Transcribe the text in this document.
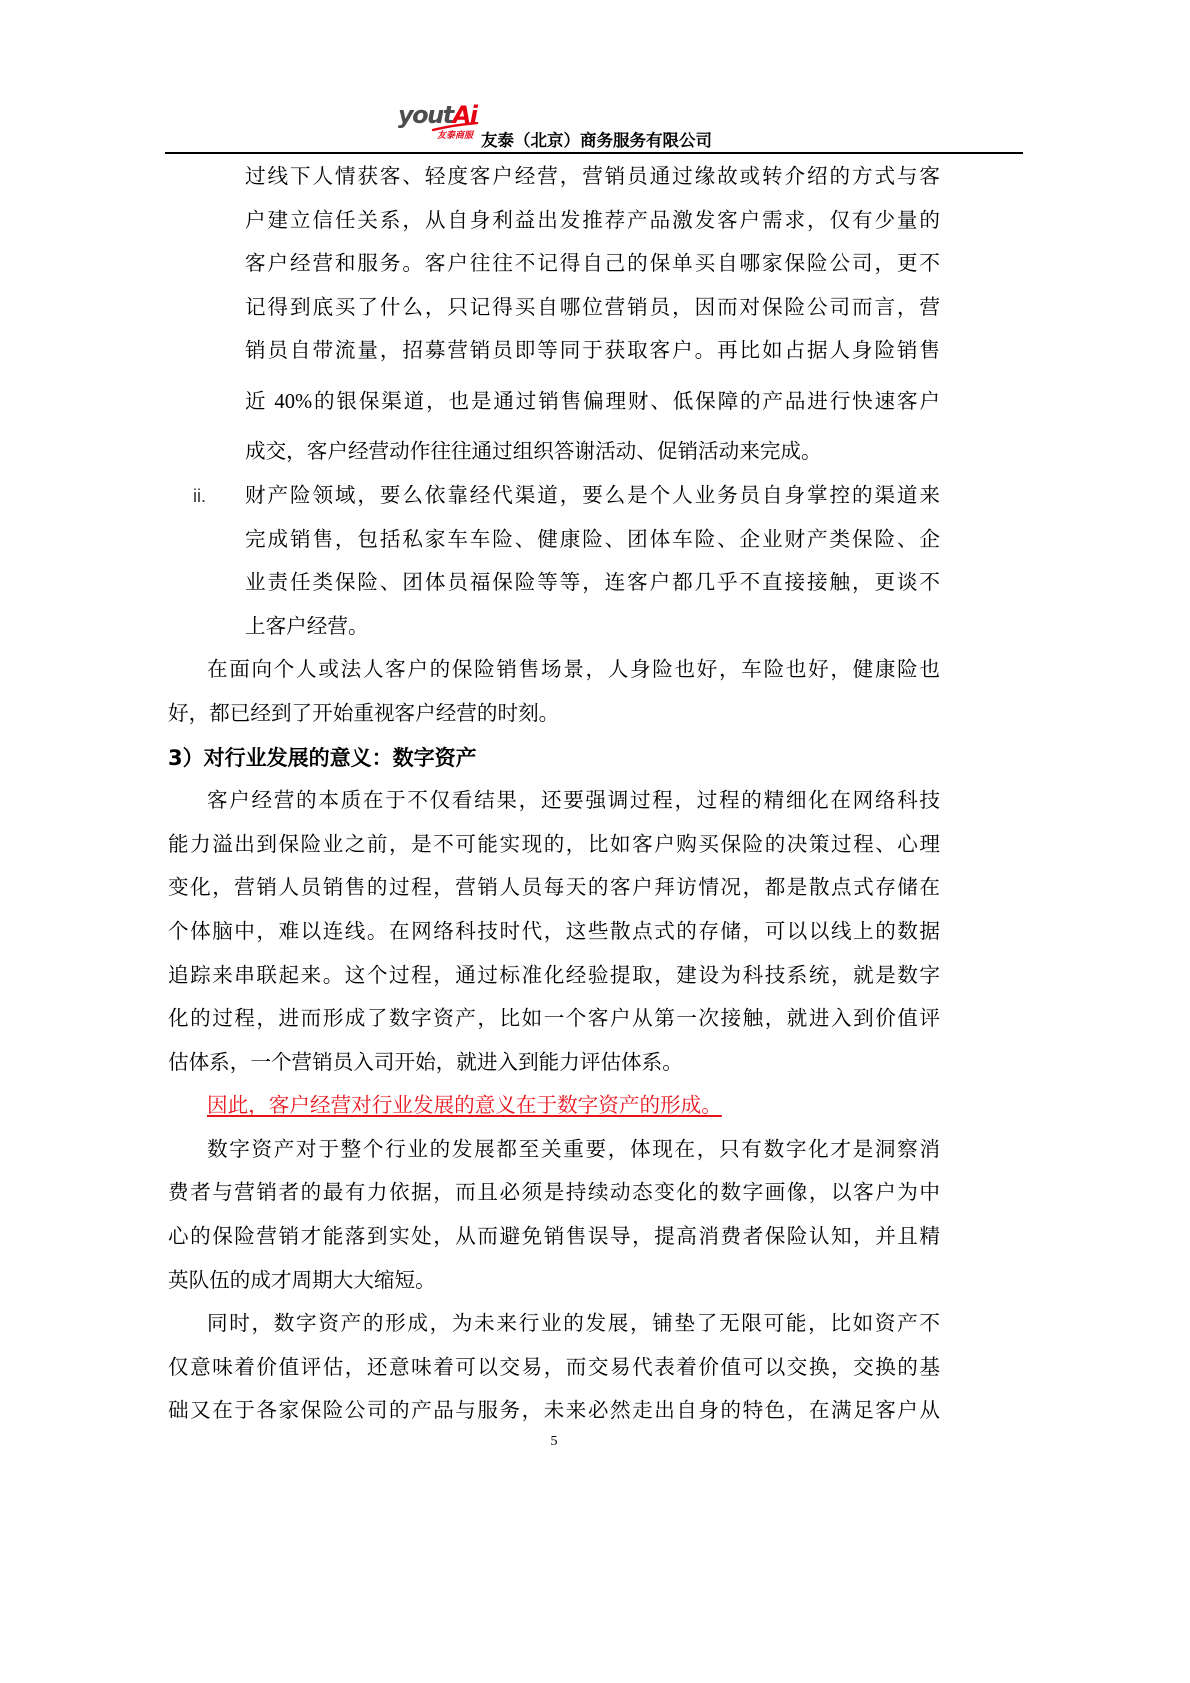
youtAi
友泰商服 友泰（北京）商务服务有限公司
过线下人情获客、轻度客户经营，营销员通过缘故或转介绍的方式与客
户建立信任关系，从自身利益出发推荐产品激发客户需求，仅有少量的
客户经营和服务。客户往往不记得自己的保单买自哪家保险公司，更不
记得到底买了什么，只记得买自哪位营销员，因而对保险公司而言，营
销员自带流量，招募营销员即等同于获取客户。再比如占据人身险销售
近 40%的银保渠道，也是通过销售偏理财、低保障的产品进行快速客户
成交，客户经营动作往往通过组织答谢活动、促销活动来完成。
ii. 财产险领域，要么依靠经代渠道，要么是个人业务员自身掌控的渠道来
完成销售，包括私家车车险、健康险、团体车险、企业财产类保险、企
业责任类保险、团体员福保险等等，连客户都几乎不直接接触，更谈不
上客户经营。
在面向个人或法人客户的保险销售场景，人身险也好，车险也好，健康险也
好，都已经到了开始重视客户经营的时刻。
3）对行业发展的意义：数字资产
客户经营的本质在于不仅看结果，还要强调过程，过程的精细化在网络科技
能力溢出到保险业之前，是不可能实现的，比如客户购买保险的决策过程、心理
变化，营销人员销售的过程，营销人员每天的客户拜访情况，都是散点式存储在
个体脑中，难以连线。在网络科技时代，这些散点式的存储，可以以线上的数据
追踪来串联起来。这个过程，通过标准化经验提取，建设为科技系统，就是数字
化的过程，进而形成了数字资产，比如一个客户从第一次接触，就进入到价值评
估体系，一个营销员入司开始，就进入到能力评估体系。
因此，客户经营对行业发展的意义在于数字资产的形成。
数字资产对于整个行业的发展都至关重要，体现在，只有数字化才是洞察消
费者与营销者的最有力依据，而且必须是持续动态变化的数字画像，以客户为中
心的保险营销才能落到实处，从而避免销售误导，提高消费者保险认知，并且精
英队伍的成才周期大大缩短。
同时，数字资产的形成，为未来行业的发展，铺垫了无限可能，比如资产不
仅意味着价值评估，还意味着可以交易，而交易代表着价值可以交换，交换的基
础又在于各家保险公司的产品与服务，未来必然走出自身的特色，在满足客户从
5
